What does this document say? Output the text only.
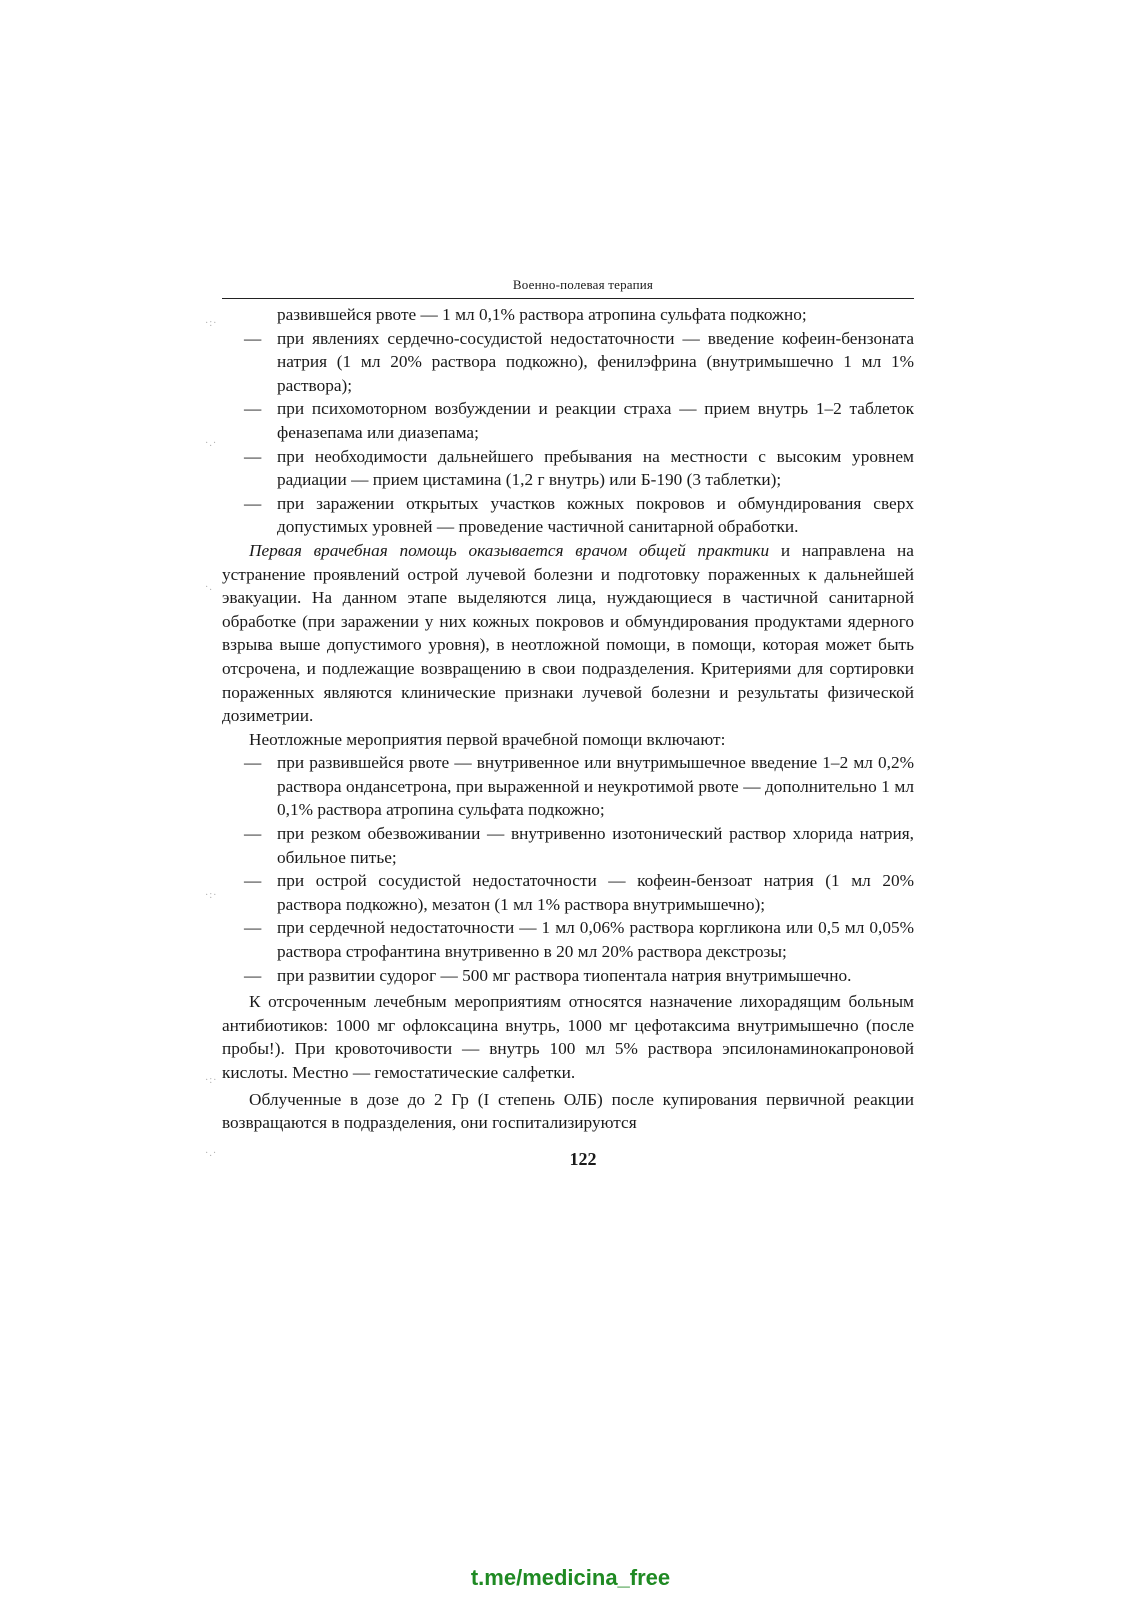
Военно-полевая терапия
развившейся рвоте — 1 мл 0,1% раствора атропина сульфата подкожно;
— при явлениях сердечно-сосудистой недостаточности — введение кофеин-бензоната натрия (1 мл 20% раствора подкожно), фенилэфрина (внутримышечно 1 мл 1% раствора);
— при психомоторном возбуждении и реакции страха — прием внутрь 1–2 таблеток феназепама или диазепама;
— при необходимости дальнейшего пребывания на местности с высоким уровнем радиации — прием цистамина (1,2 г внутрь) или Б-190 (3 таблетки);
— при заражении открытых участков кожных покровов и обмундирования сверх допустимых уровней — проведение частичной санитарной обработки.

Первая врачебная помощь оказывается врачом общей практики и направлена на устранение проявлений острой лучевой болезни и подготовку пораженных к дальнейшей эвакуации. На данном этапе выделяются лица, нуждающиеся в частичной санитарной обработке (при заражении у них кожных покровов и обмундирования продуктами ядерного взрыва выше допустимого уровня), в неотложной помощи, в помощи, которая может быть отсрочена, и подлежащие возвращению в свои подразделения. Критериями для сортировки пораженных являются клинические признаки лучевой болезни и результаты физической дозиметрии.

Неотложные мероприятия первой врачебной помощи включают:

— при развившейся рвоте — внутривенное или внутримышечное введение 1–2 мл 0,2% раствора ондансетрона, при выраженной и неукротимой рвоте — дополнительно 1 мл 0,1% раствора атропина сульфата подкожно;
— при резком обезвоживании — внутривенно изотонический раствор хлорида натрия, обильное питье;
— при острой сосудистой недостаточности — кофеин-бензоат натрия (1 мл 20% раствора подкожно), мезатон (1 мл 1% раствора внутримышечно);
— при сердечной недостаточности — 1 мл 0,06% раствора коргликона или 0,5 мл 0,05% раствора строфантина внутривенно в 20 мл 20% раствора декстрозы;
— при развитии судорог — 500 мг раствора тиопентала натрия внутримышечно.

К отсроченным лечебным мероприятиям относятся назначение лихорадящим больным антибиотиков: 1000 мг офлоксацина внутрь, 1000 мг цефотаксима внутримышечно (после пробы!). При кровоточивости — внутрь 100 мл 5% раствора эпсилонаминокапроновой кислоты. Местно — гемостатические салфетки.

Облученные в дозе до 2 Гр (I степень ОЛБ) после купирования первичной реакции возвращаются в подразделения, они госпитализируются

122
·:·
·.·
·.
·:·
·:·
·.·
t.me/medicina_free
